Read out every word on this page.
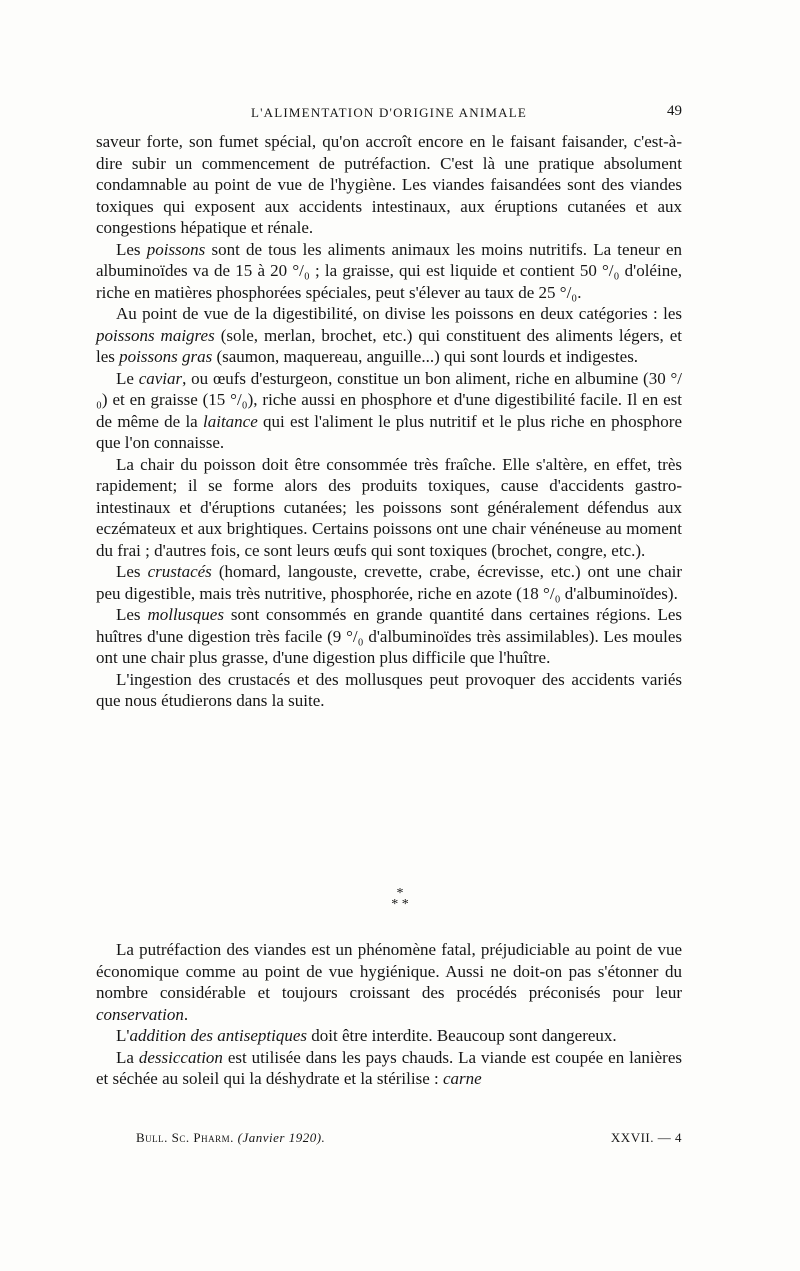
L'ALIMENTATION D'ORIGINE ANIMALE	49

saveur forte, son fumet spécial, qu'on accroît encore en le faisant faisander, c'est-à-dire subir un commencement de putréfaction. C'est là une pratique absolument condamnable au point de vue de l'hygiène. Les viandes faisandées sont des viandes toxiques qui exposent aux accidents intestinaux, aux éruptions cutanées et aux congestions hépatique et rénale.

Les poissons sont de tous les aliments animaux les moins nutritifs. La teneur en albuminoïdes va de 15 à 20 °/₀ ; la graisse, qui est liquide et contient 50 °/₀ d'oléine, riche en matières phosphorées spéciales, peut s'élever au taux de 25 °/₀.

Au point de vue de la digestibilité, on divise les poissons en deux catégories : les poissons maigres (sole, merlan, brochet, etc.) qui constituent des aliments légers, et les poissons gras (saumon, maquereau, anguille...) qui sont lourds et indigestes.

Le caviar, ou œufs d'esturgeon, constitue un bon aliment, riche en albumine (30 °/₀) et en graisse (15 °/₀), riche aussi en phosphore et d'une digestibilité facile. Il en est de même de la laitance qui est l'aliment le plus nutritif et le plus riche en phosphore que l'on connaisse.

La chair du poisson doit être consommée très fraîche. Elle s'altère, en effet, très rapidement; il se forme alors des produits toxiques, cause d'accidents gastro-intestinaux et d'éruptions cutanées; les poissons sont généralement défendus aux eczémateux et aux brightiques. Certains poissons ont une chair vénéneuse au moment du frai ; d'autres fois, ce sont leurs œufs qui sont toxiques (brochet, congre, etc.).

Les crustacés (homard, langouste, crevette, crabe, écrevisse, etc.) ont une chair peu digestible, mais très nutritive, phosphorée, riche en azote (18 °/₀ d'albuminoïdes).

Les mollusques sont consommés en grande quantité dans certaines régions. Les huîtres d'une digestion très facile (9 °/₀ d'albuminoïdes très assimilables). Les moules ont une chair plus grasse, d'une digestion plus difficile que l'huître.

L'ingestion des crustacés et des mollusques peut provoquer des accidents variés que nous étudierons dans la suite.

*
* *

La putréfaction des viandes est un phénomène fatal, préjudiciable au point de vue économique comme au point de vue hygiénique. Aussi ne doit-on pas s'étonner du nombre considérable et toujours croissant des procédés préconisés pour leur conservation.

L'addition des antiseptiques doit être interdite. Beaucoup sont dangereux.

La dessiccation est utilisée dans les pays chauds. La viande est coupée en lanières et séchée au soleil qui la déshydrate et la stérilise : carne

Bull. Sc. Pharm. (Janvier 1920).	XXVII. — 4
